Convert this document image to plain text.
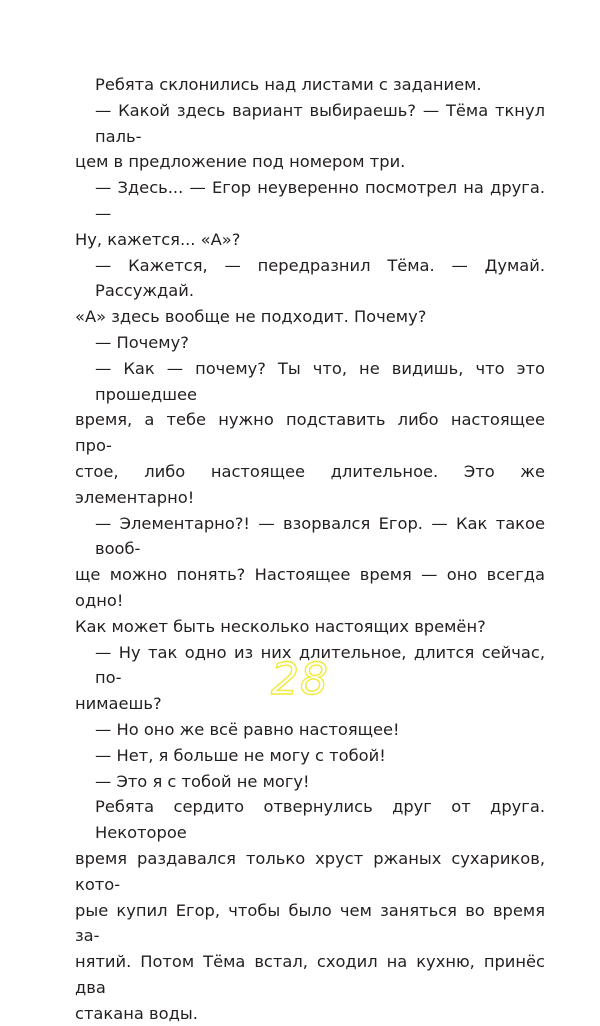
Ребята склонились над листами с заданием.
— Какой здесь вариант выбираешь? — Тёма ткнул паль-
цем в предложение под номером три.
— Здесь... — Егор неуверенно посмотрел на друга. —
Ну, кажется... «А»?
— Кажется, — передразнил Тёма. — Думай. Рассуждай.
«А» здесь вообще не подходит. Почему?
— Почему?
— Как — почему? Ты что, не видишь, что это прошедшее
время, а тебе нужно подставить либо настоящее про-
стое, либо настоящее длительное. Это же элементарно!
— Элементарно?! — взорвался Егор. — Как такое вооб-
ще можно понять? Настоящее время — оно всегда одно!
Как может быть несколько настоящих времён?
— Ну так одно из них длительное, длится сейчас, по-
нимаешь?
— Но оно же всё равно настоящее!
— Нет, я больше не могу с тобой!
— Это я с тобой не могу!
Ребята сердито отвернулись друг от друга. Некоторое
время раздавался только хруст ржаных сухариков, кото-
рые купил Егор, чтобы было чем заняться во время за-
нятий. Потом Тёма встал, сходил на кухню, принёс два
стакана воды.
28
